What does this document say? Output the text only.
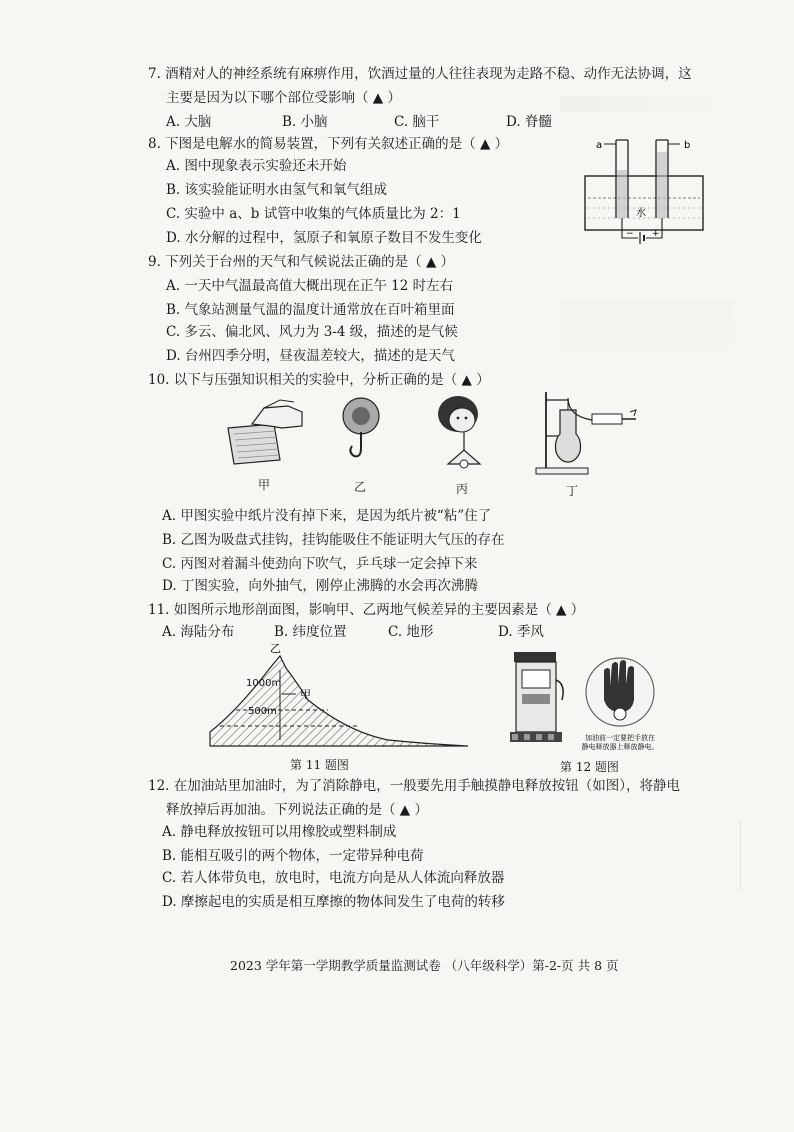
7. 酒精对人的神经系统有麻痹作用，饮酒过量的人往往表现为走路不稳、动作无法协调，这
主要是因为以下哪个部位受影响（ ▲ ）
A. 大脑	B. 小脑	C. 脑干	D. 脊髓
8. 下图是电解水的简易装置，下列有关叙述正确的是（ ▲ ）
A. 图中现象表示实验还未开始
B. 该实验能证明水由氢气和氧气组成
C. 实验中 a、b 试管中收集的气体质量比为 2：1
D. 水分解的过程中，氢原子和氧原子数目不发生变化
a	b
水
− +
9. 下列关于台州的天气和气候说法正确的是（ ▲ ）
A. 一天中气温最高值大概出现在正午 12 时左右
B. 气象站测量气温的温度计通常放在百叶箱里面
C. 多云、偏北风、风力为 3-4 级，描述的是气候
D. 台州四季分明，昼夜温差较大，描述的是天气
10. 以下与压强知识相关的实验中，分析正确的是（ ▲ ）
甲	乙	丙	丁
A. 甲图实验中纸片没有掉下来，是因为纸片被“粘”住了
B. 乙图为吸盘式挂钩，挂钩能吸住不能证明大气压的存在
C. 丙图对着漏斗使劲向下吹气，乒乓球一定会掉下来
D. 丁图实验，向外抽气，刚停止沸腾的水会再次沸腾
11. 如图所示地形剖面图，影响甲、乙两地气候差异的主要因素是（ ▲ ）
A. 海陆分布	B. 纬度位置	C. 地形	D. 季风
乙
1000m
500m
甲
第 11 题图
加油前一定要把手放在
静电释放器上释放静电。
第 12 题图
12. 在加油站里加油时，为了消除静电，一般要先用手触摸静电释放按钮（如图），将静电
释放掉后再加油。下列说法正确的是（ ▲ ）
A. 静电释放按钮可以用橡胶或塑料制成
B. 能相互吸引的两个物体，一定带异种电荷
C. 若人体带负电，放电时，电流方向是从人体流向释放器
D. 摩擦起电的实质是相互摩擦的物体间发生了电荷的转移
2023 学年第一学期教学质量监测试卷 （八年级科学）第-2-页 共 8 页
